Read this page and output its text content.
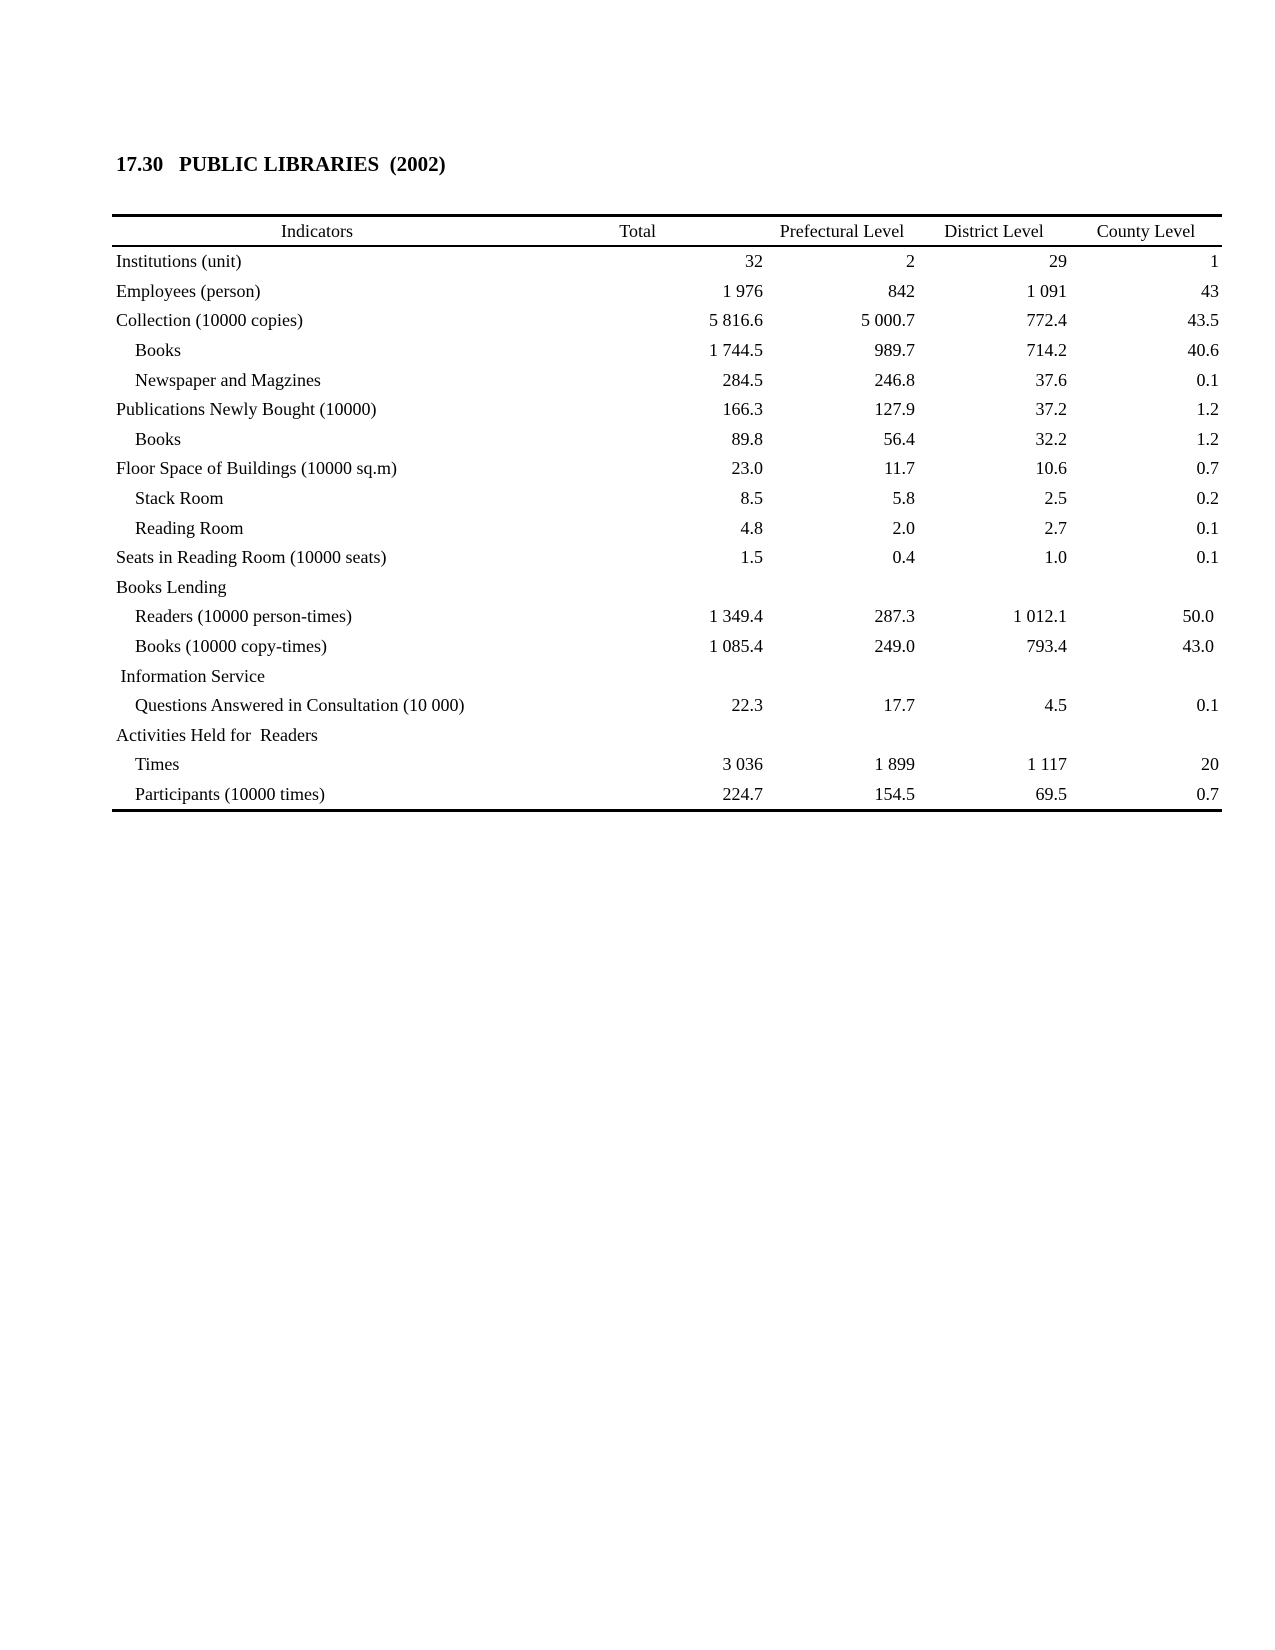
17.30   PUBLIC LIBRARIES  (2002)
Indicators	Total	Prefectural Level	District Level	County Level
Institutions (unit)	32	2	29	1
Employees (person)	1 976	842	1 091	43
Collection (10000 copies)	5 816.6	5 000.7	772.4	43.5
Books	1 744.5	989.7	714.2	40.6
Newspaper and Magzines	284.5	246.8	37.6	0.1
Publications Newly Bought (10000)	166.3	127.9	37.2	1.2
Books	89.8	56.4	32.2	1.2
Floor Space of Buildings (10000 sq.m)	23.0	11.7	10.6	0.7
Stack Room	8.5	5.8	2.5	0.2
Reading Room	4.8	2.0	2.7	0.1
Seats in Reading Room (10000 seats)	1.5	0.4	1.0	0.1
Books Lending				
Readers (10000 person-times)	1 349.4	287.3	1 012.1	50.0
Books (10000 copy-times)	1 085.4	249.0	793.4	43.0
Information Service				
Questions Answered in Consultation (10 000)	22.3	17.7	4.5	0.1
Activities Held for  Readers				
Times	3 036	1 899	1 117	20
Participants (10000 times)	224.7	154.5	69.5	0.7
